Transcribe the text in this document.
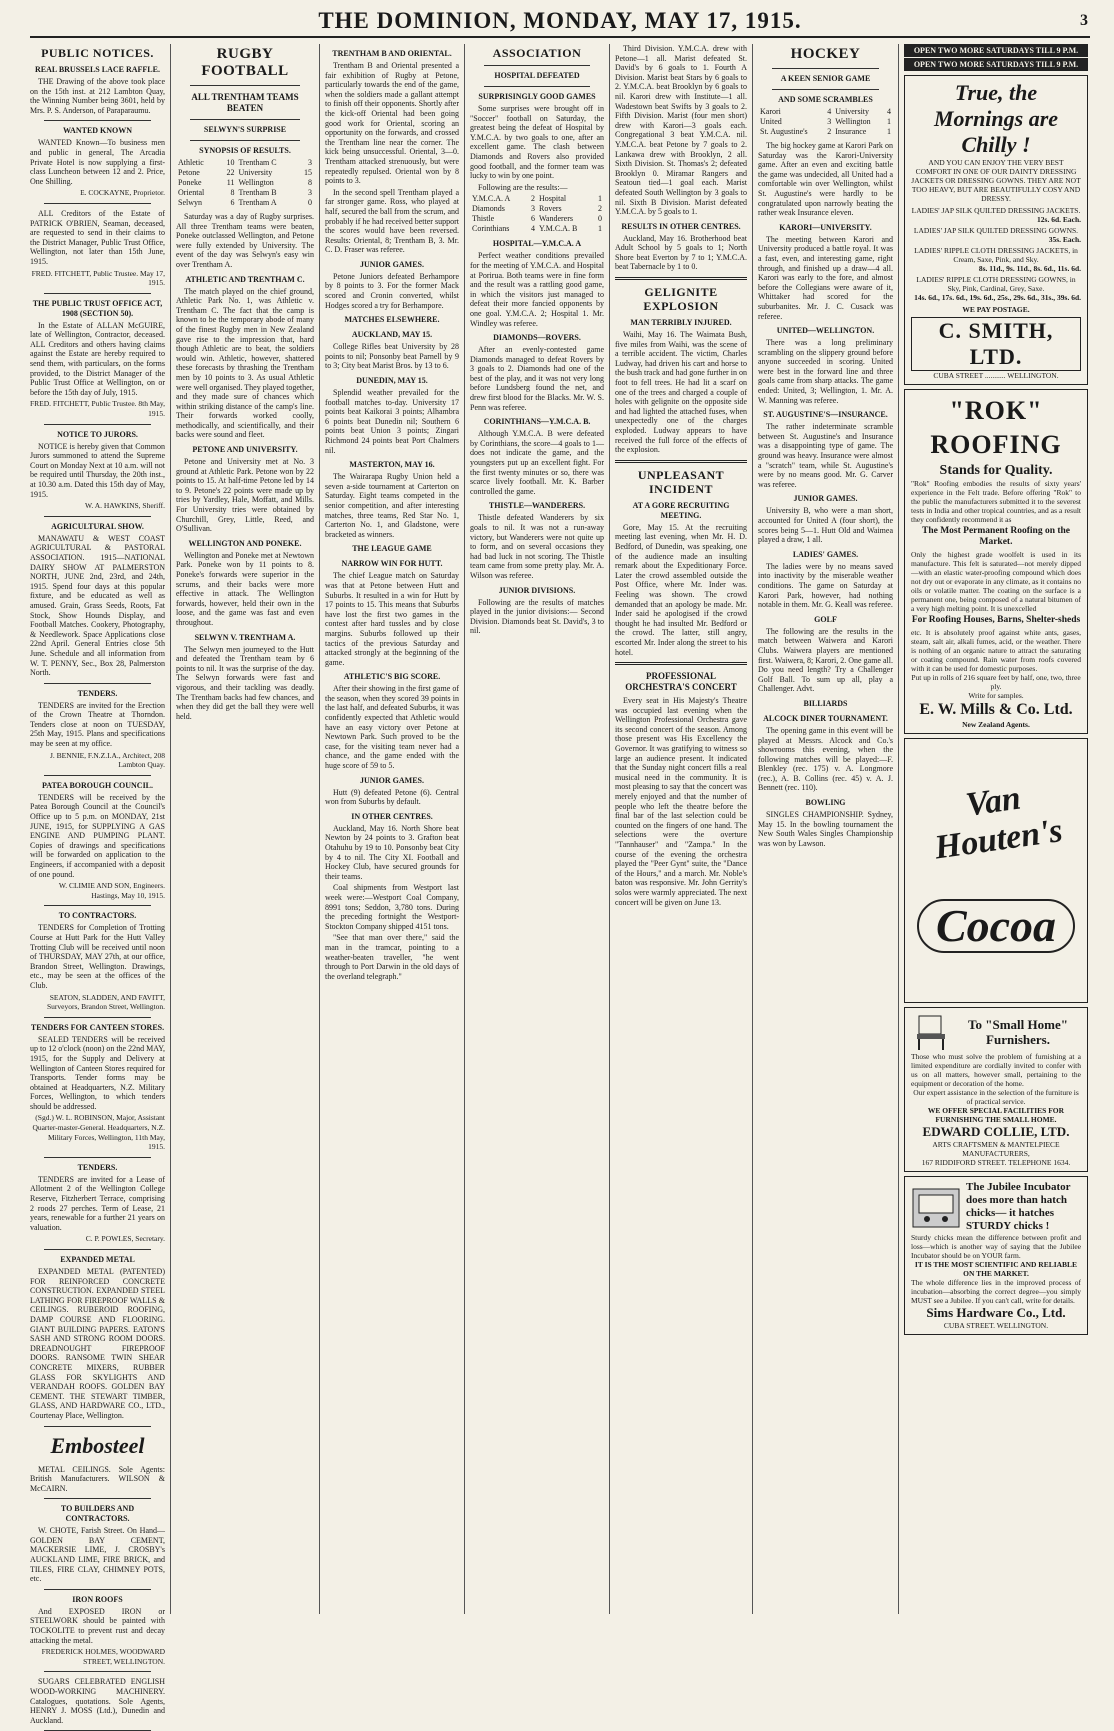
THE DOMINION, MONDAY, MAY 17, 1915.	3
PUBLIC NOTICES.
REAL BRUSSELS LACE RAFFLE.

THE Drawing of the above took place on the 15th inst. at 212 Lambton Quay, the Winning Number being 3601, held by Mrs. P. S. Anderson, of Paraparaumu.

WANTED KNOWN

WANTED Known—To business men and public in general, The Arcadia Private Hotel is now supplying a first-class Luncheon between 12 and 2. Price, One Shilling.

E. COCKAYNE, Proprietor.

ALL Creditors of the Estate of PATRICK O'BRIEN, Seaman, deceased, are requested to send in their claims to the District Manager, Public Trust Office, Wellington, not later than 15th June, 1915.

FRED. FITCHETT, Public Trustee. May 17, 1915.
THE PUBLIC TRUST OFFICE ACT, 1908 (SECTION 50).

In the Estate of ALLAN McGUIRE, late of Wellington, Contractor, deceased. ALL Creditors and others having claims against the Estate are hereby required to send them, with particulars, on the forms provided, to the District Manager of the Public Trust Office at Wellington, on or before the 15th day of July, 1915.

FRED. FITCHETT, Public Trustee. 8th May, 1915.
NOTICE TO JURORS.

NOTICE is hereby given that Common Jurors summoned to attend the Supreme Court on Monday Next at 10 a.m. will not be required until Thursday, the 20th inst., at 10.30 a.m. Dated this 15th day of May, 1915.

W. A. HAWKINS, Sheriff.
AGRICULTURAL SHOW.

MANAWATU & WEST COAST AGRICULTURAL & PASTORAL ASSOCIATION. 1915—NATIONAL DAIRY SHOW AT PALMERSTON NORTH, JUNE 2nd, 23rd, and 24th, 1915. Spend four days at this popular fixture, and be educated as well as amused. Grain, Grass Seeds, Roots, Fat Stock, Show Hounds Display, and Football Matches. Cookery, Photography, & Needlework. Space Applications close 22nd April. General Entries close 5th June. Schedule and all information from W. T. PENNY, Sec., Box 28, Palmerston North.

TENDERS.

TENDERS are invited for the Erection of the Crown Theatre at Thorndon. Tenders close at noon on TUESDAY, 25th May, 1915. Plans and specifications may be seen at my office.

J. BENNIE, F.N.Z.I.A., Architect, 208 Lambton Quay.
PATEA BOROUGH COUNCIL.

TENDERS will be received by the Patea Borough Council at the Council's Office up to 5 p.m. on MONDAY, 21st JUNE, 1915, for SUPPLYING A GAS ENGINE AND PUMPING PLANT. Copies of drawings and specifications will be forwarded on application to the Engineers, if accompanied with a deposit of one pound.

W. CLIMIE AND SON, Engineers. Hastings, May 10, 1915.
TO CONTRACTORS.

TENDERS for Completion of Trotting Course at Hutt Park for the Hutt Valley Trotting Club will be received until noon of THURSDAY, MAY 27th, at our office, Brandon Street, Wellington. Drawings, etc., may be seen at the offices of the Club.

SEATON, SLADDEN, AND FAVITT, Surveyors, Brandon Street, Wellington.
TENDERS FOR CANTEEN STORES.

SEALED TENDERS will be received up to 12 o'clock (noon) on the 22nd MAY, 1915, for the Supply and Delivery at Wellington of Canteen Stores required for Transports. Tender forms may be obtained at Headquarters, N.Z. Military Forces, Wellington, to which tenders should be addressed.

(Sgd.) W. L. ROBINSON, Major, Assistant Quarter-master-General. Headquarters, N.Z. Military Forces, Wellington, 11th May, 1915.
TENDERS.

TENDERS are invited for a Lease of Allotment 2 of the Wellington College Reserve, Fitzherbert Terrace, comprising 2 roods 27 perches. Term of Lease, 21 years, renewable for a further 21 years on valuation.

C. P. POWLES, Secretary.
EXPANDED METAL

EXPANDED METAL (PATENTED) FOR REINFORCED CONCRETE CONSTRUCTION. EXPANDED STEEL LATHING FOR FIREPROOF WALLS & CEILINGS. RUBEROID ROOFING, DAMP COURSE AND FLOORING. GIANT BUILDING PAPERS. EATON'S SASH AND STRONG ROOM DOORS. DREADNOUGHT FIREPROOF DOORS. RANSOME TWIN SHEAR CONCRETE MIXERS, RUBBER GLASS FOR SKYLIGHTS AND VERANDAH ROOFS. GOLDEN BAY CEMENT. THE STEWART TIMBER, GLASS, AND HARDWARE CO., LTD., Courtenay Place, Wellington.

Embosteel

METAL CEILINGS. Sole Agents: British Manufacturers. WILSON & McCAIRN.

TO BUILDERS AND CONTRACTORS.

W. CHOTE, Farish Street. On Hand—GOLDEN BAY CEMENT, MACKERSIE LIME, J. CROSBY's AUCKLAND LIME, FIRE BRICK, and TILES, FIRE CLAY, CHIMNEY POTS, etc.

IRON ROOFS

And EXPOSED IRON or STEELWORK should be painted with TOCKOLITE to prevent rust and decay attacking the metal.

FREDERICK HOLMES, WOODWARD STREET, WELLINGTON.

SUGARS CELEBRATED ENGLISH WOOD-WORKING MACHINERY. Catalogues, quotations. Sole Agents, HENRY J. MOSS (Ltd.), Dunedin and Auckland.

RUGBY FOOTBALL
ALL TRENTHAM TEAMS BEATEN
SELWYN'S SURPRISE
SYNOPSIS OF RESULTS.
Athletic	10	Trentham C	3
Petone	22	University	15
Poneke	11	Wellington	8
Oriental	8	Trentham B	3
Selwyn	6	Trentham A	0

Saturday was a day of Rugby surprises. All three Trentham teams were beaten, Poneke outclassed Wellington, and Petone were fully extended by University. The event of the day was Selwyn's easy win over Trentham A.

ATHLETIC AND TRENTHAM C.

The match played on the chief ground, Athletic Park No. 1, was Athletic v. Trentham C. The fact that the camp is known to be the temporary abode of many of the finest Rugby men in New Zealand gave rise to the impression that, hard though Athletic are to beat, the soldiers would win. Athletic, however, shattered these forecasts by thrashing the Trentham men by 10 points to 3. As usual Athletic were well organised. They played together, and they made sure of chances which within striking distance of the camp's line. Their forwards worked coolly, methodically, and scientifically, and their backs were sound and fleet.

PETONE AND UNIVERSITY.

Petone and University met at No. 3 ground at Athletic Park. Petone won by 22 points to 15. At half-time Petone led by 14 to 9. Petone's 22 points were made up by tries by Yardley, Hale, Moffatt, and Mills. For University tries were obtained by Churchill, Grey, Little, Reed, and O'Sullivan.

WELLINGTON AND PONEKE.

Wellington and Poneke met at Newtown Park. Poneke won by 11 points to 8. Poneke's forwards were superior in the scrums, and their backs were more effective in attack. The Wellington forwards, however, held their own in the loose, and the game was fast and even throughout.

SELWYN V. TRENTHAM A.

The Selwyn men journeyed to the Hutt and defeated the Trentham team by 6 points to nil. It was the surprise of the day. The Selwyn forwards were fast and vigorous, and their tackling was deadly. The Trentham backs had few chances, and when they did get the ball they were well held.

TRENTHAM B AND ORIENTAL.

Trentham B and Oriental presented a fair exhibition of Rugby at Petone, particularly towards the end of the game, when the soldiers made a gallant attempt to finish off their opponents. Shortly after the kick-off Oriental had been going good work for Oriental, scoring an opportunity on the forwards, and crossed the Trentham line near the corner. The kick being unsuccessful. Oriental, 3—0. Trentham attacked strenuously, but were repeatedly repulsed. Oriental won by 8 points to 3.

In the second spell Trentham played a far stronger game. Ross, who played at half, secured the ball from the scrum, and probably if he had received better support the scores would have been reversed. Results: Oriental, 8; Trentham B, 3. Mr. C. D. Fraser was referee.

JUNIOR GAMES.

Petone Juniors defeated Berhampore by 8 points to 3. For the former Mack scored and Cronin converted, whilst Hodges scored a try for Berhampore.

MATCHES ELSEWHERE.
AUCKLAND, MAY 15.

College Rifles beat University by 28 points to nil; Ponsonby beat Parnell by 9 to 3; City beat Marist Bros. by 13 to 6.

DUNEDIN, MAY 15.

Splendid weather prevailed for the football matches to-day. University 17 points beat Kaikorai 3 points; Alhambra 6 points beat Dunedin nil; Southern 6 points beat Union 3 points; Zingari Richmond 24 points beat Port Chalmers nil.

MASTERTON, MAY 16.

The Wairarapa Rugby Union held a seven a-side tournament at Carterton on Saturday. Eight teams competed in the senior competition, and after interesting matches, three teams, Red Star No. 1, Carterton No. 1, and Gladstone, were bracketed as winners.

THE LEAGUE GAME
NARROW WIN FOR HUTT.

The chief League match on Saturday was that at Petone between Hutt and Suburbs. It resulted in a win for Hutt by 17 points to 15. This means that Suburbs have lost the first two games in the contest after hard tussles and by close margins. Suburbs followed up their tactics of the previous Saturday and attacked strongly at the beginning of the game.

ATHLETIC'S BIG SCORE.

After their showing in the first game of the season, when they scored 39 points in the last half, and defeated Suburbs, it was confidently expected that Athletic would have an easy victory over Petone at Newtown Park. Such proved to be the case, for the visiting team never had a chance, and the game ended with the huge score of 59 to 5.

JUNIOR GAMES.

Hutt (9) defeated Petone (6). Central won from Suburbs by default.

IN OTHER CENTRES.

Auckland, May 16. North Shore beat Newton by 24 points to 3. Grafton beat Otahuhu by 19 to 10. Ponsonby beat City by 4 to nil. The City XI. Football and Hockey Club, have secured grounds for their teams.

Coal shipments from Westport last week were:—Westport Coal Company, 8991 tons; Seddon, 3,780 tons. During the preceding fortnight the Westport-Stockton Company shipped 4151 tons.

"See that man over there," said the man in the tramcar, pointing to a weather-beaten traveller, "he went through to Port Darwin in the old days of the overland telegraph."

ASSOCIATION
HOSPITAL DEFEATED
SURPRISINGLY GOOD GAMES

Some surprises were brought off in "Soccer" football on Saturday, the greatest being the defeat of Hospital by Y.M.C.A. by two goals to one, after an excellent game. The clash between Diamonds and Rovers also provided good football, and the former team was lucky to win by one point.

Following are the results:—

Y.M.C.A. A	2	Hospital	1
Diamonds	3	Rovers	2
Thistle	6	Wanderers	0
Corinthians	4	Y.M.C.A. B	1
HOSPITAL—Y.M.C.A. A

Perfect weather conditions prevailed for the meeting of Y.M.C.A. and Hospital at Porirua. Both teams were in fine form and the result was a rattling good game, in which the visitors just managed to defeat their more fancied opponents by one goal. Y.M.C.A. 2; Hospital 1. Mr. Windley was referee.

DIAMONDS—ROVERS.

After an evenly-contested game Diamonds managed to defeat Rovers by 3 goals to 2. Diamonds had one of the best of the play, and it was not very long before Lundsberg found the net, and drew first blood for the Blacks. Mr. W. S. Penn was referee.

CORINTHIANS—Y.M.C.A. B.

Although Y.M.C.A. B were defeated by Corinthians, the score—4 goals to 1—does not indicate the game, and the youngsters put up an excellent fight. For the first twenty minutes or so, there was scarce lively football. Mr. K. Barber controlled the game.

THISTLE—WANDERERS.

Thistle defeated Wanderers by six goals to nil. It was not a run-away victory, but Wanderers were not quite up to form, and on several occasions they had bad luck in not scoring. The Thistle team came from some pretty play. Mr. A. Wilson was referee.

JUNIOR DIVISIONS.

Following are the results of matches played in the junior divisions:— Second Division. Diamonds beat St. David's, 3 to nil.

Third Division. Y.M.C.A. drew with Petone—1 all. Marist defeated St. David's by 6 goals to 1. Fourth A Division. Marist beat Stars by 6 goals to 2. Y.M.C.A. beat Brooklyn by 6 goals to nil. Karori drew with Institute—1 all. Wadestown beat Swifts by 3 goals to 2. Fifth Division. Marist (four men short) drew with Karori—3 goals each. Congregational 3 beat Y.M.C.A. nil. Y.M.C.A. beat Petone by 7 goals to 2. Lankawa drew with Brooklyn, 2 all. Sixth Division. St. Thomas's 2; defeated Brooklyn 0. Miramar Rangers and Seatoun tied—1 goal each. Marist defeated South Wellington by 3 goals to nil. Sixth B Division. Marist defeated Y.M.C.A. by 5 goals to 1.

RESULTS IN OTHER CENTRES.

Auckland, May 16. Brotherhood beat Adult School by 5 goals to 1; North Shore beat Everton by 7 to 1; Y.M.C.A. beat Tabernacle by 1 to 0.

GELIGNITE EXPLOSION
MAN TERRIBLY INJURED.

Waihi, May 16. The Waimata Bush, five miles from Waihi, was the scene of a terrible accident. The victim, Charles Ludway, had driven his cart and horse to the bush track and had gone further in on foot to fell trees. He had lit a scarf on one of the trees and charged a couple of holes with gelignite on the opposite side and had lighted the attached fuses, when unexpectedly one of the charges exploded. Ludway appears to have received the full force of the effects of the explosion.

UNPLEASANT INCIDENT
AT A GORE RECRUITING MEETING.

Gore, May 15. At the recruiting meeting last evening, when Mr. H. D. Bedford, of Dunedin, was speaking, one of the audience made an insulting remark about the Expeditionary Force. Later the crowd assembled outside the Post Office, where Mr. Inder was. Feeling was shown. The crowd demanded that an apology be made. Mr. Inder said he apologised if the crowd thought he had insulted Mr. Bedford or the crowd. The latter, still angry, escorted Mr. Inder along the street to his hotel.

PROFESSIONAL ORCHESTRA'S CONCERT

Every seat in His Majesty's Theatre was occupied last evening when the Wellington Professional Orchestra gave its second concert of the season. Among those present was His Excellency the Governor. It was gratifying to witness so large an audience present. It indicated that the Sunday night concert fills a real musical need in the community. It is most pleasing to say that the concert was merely enjoyed and that the number of people who left the theatre before the final bar of the last selection could be counted on the fingers of one hand. The selections were the overture "Tannhauser" and "Zampa." In the course of the evening the orchestra played the "Peer Gynt" suite, the "Dance of the Hours," and a march. Mr. Noble's baton was responsive. Mr. John Gerrity's solos were warmly appreciated. The next concert will be given on June 13.

HOCKEY
A KEEN SENIOR GAME
AND SOME SCRAMBLES
Karori	4	University	4
United	3	Wellington	1
St. Augustine's	2	Insurance	1

The big hockey game at Karori Park on Saturday was the Karori-University game. After an even and exciting battle the game was undecided, all United had a comfortable win over Wellington, whilst St. Augustine's were hardly to be congratulated upon narrowly beating the rather weak Insurance eleven.

KARORI—UNIVERSITY.

The meeting between Karori and University produced a battle royal. It was a fast, even, and interesting game, right through, and finished up a draw—4 all. Karori was early to the fore, and almost before the Collegians were aware of it, Whittaker had scored for the suburbanites. Mr. J. C. Cusack was referee.

UNITED—WELLINGTON.

There was a long preliminary scrambling on the slippery ground before anyone succeeded in scoring. United were best in the forward line and three goals came from sharp attacks. The game ended: United, 3; Wellington, 1. Mr. A. W. Manning was referee.

ST. AUGUSTINE'S—INSURANCE.

The rather indeterminate scramble between St. Augustine's and Insurance was a disappointing type of game. The ground was heavy. Insurance were almost a "scratch" team, while St. Augustine's were by no means good. Mr. G. Carver was referee.

JUNIOR GAMES.

University B, who were a man short, accounted for United A (four short), the scores being 5—1. Hutt Old and Waimea played a draw, 1 all.

LADIES' GAMES.

The ladies were by no means saved into inactivity by the miserable weather conditions. The game on Saturday at Karori Park, however, had nothing notable in them. Mr. G. Keall was referee.

GOLF

The following are the results in the match between Waiwera and Karori Clubs. Waiwera players are mentioned first. Waiwera, 8; Karori, 2. One game all. Do you need length? Try a Challenger Golf Ball. To sum up all, play a Challenger. Advt.

BILLIARDS
ALCOCK DINER TOURNAMENT.

The opening game in this event will be played at Messrs. Alcock and Co.'s showrooms this evening, when the following matches will be played:—F. Blenkley (rec. 175) v. A. Longmore (rec.), A. B. Collins (rec. 45) v. A. J. Bennett (rec. 110).

BOWLING

SINGLES CHAMPIONSHIP. Sydney, May 15. In the bowling tournament the New South Wales Singles Championship was won by Lawson.

OPEN TWO MORE SATURDAYS TILL 9 P.M.
OPEN TWO MORE SATURDAYS TILL 9 P.M.
True, the Mornings are Chilly !
AND YOU CAN ENJOY THE VERY BEST COMFORT IN ONE OF OUR DAINTY DRESSING JACKETS OR DRESSING GOWNS. THEY ARE NOT TOO HEAVY, BUT ARE BEAUTIFULLY COSY AND DRESSY.
LADIES' JAP SILK QUILTED DRESSING JACKETS.
12s. 6d. Each.
LADIES' JAP SILK QUILTED DRESSING GOWNS.
35s. Each.
LADIES' RIPPLE CLOTH DRESSING JACKETS, in Cream, Saxe, Pink, and Sky.
8s. 11d., 9s. 11d., 8s. 6d., 11s. 6d.
LADIES' RIPPLE CLOTH DRESSING GOWNS, in Sky, Pink, Cardinal, Grey, Saxe.
14s. 6d., 17s. 6d., 19s. 6d., 25s., 29s. 6d., 31s., 39s. 6d.
WE PAY POSTAGE.
C. SMITH, LTD.
CUBA STREET ........... WELLINGTON.
"ROK" ROOFING
Stands for Quality.
"Rok" Roofing embodies the results of sixty years' experience in the Felt trade. Before offering "Rok" to the public the manufacturers submitted it to the severest tests in India and other tropical countries, and as a result they confidently recommend it as
The Most Permanent Roofing on the Market.
Only the highest grade woolfelt is used in its manufacture. This felt is saturated—not merely dipped—with an elastic water-proofing compound which does not dry out or evaporate in any climate, as it contains no oils or volatile matter. The coating on the surface is a permanent one, being composed of a natural bitumen of a very high melting point. It is unexcelled
For Roofing Houses, Barns, Shelter-sheds
etc. It is absolutely proof against white ants, gases, steam, salt air, alkali fumes, acid, or the weather. There is nothing of an organic nature to attract the saturating or coating compound. Rain water from roofs covered with it can be used for domestic purposes.
Put up in rolls of 216 square feet by half, one, two, three ply.
Write for samples.
E. W. Mills & Co. Ltd.
New Zealand Agents.
Van Houten's
Cocoa
To "Small Home" Furnishers.
Those who must solve the problem of furnishing at a limited expenditure are cordially invited to confer with us on all matters, however small, pertaining to the equipment or decoration of the home.
Our expert assistance in the selection of the furniture is of practical service.
WE OFFER SPECIAL FACILITIES FOR FURNISHING THE SMALL HOME.
EDWARD COLLIE, LTD.
ARTS CRAFTSMEN & MANTELPIECE MANUFACTURERS,
167 RIDDIFORD STREET. TELEPHONE 1634.
The Jubilee Incubator does more than hatch chicks— it hatches STURDY chicks !
Sturdy chicks mean the difference between profit and loss—which is another way of saying that the Jubilee Incubator should be on YOUR farm.
IT IS THE MOST SCIENTIFIC AND RELIABLE ON THE MARKET.
The whole difference lies in the improved process of incubation—absorbing the correct degree—you simply MUST see a Jubilee. If you can't call, write for details.
Sims Hardware Co., Ltd.
CUBA STREET. WELLINGTON.
